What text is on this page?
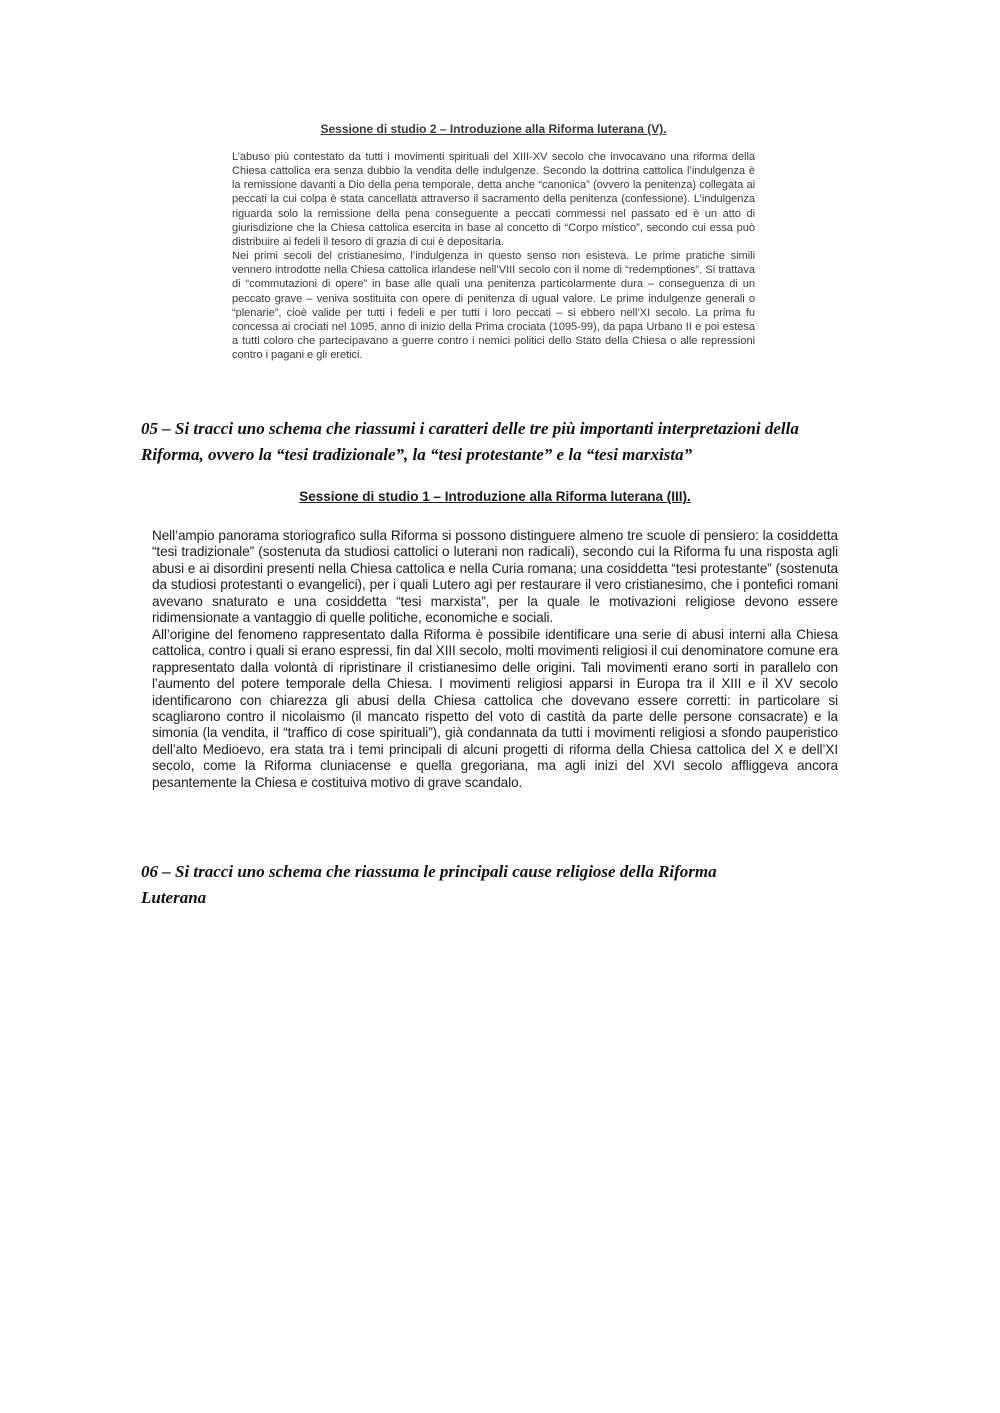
Sessione di studio 2 – Introduzione alla Riforma luterana (V).

L’abuso più contestato da tutti i movimenti spirituali del XIII-XV secolo che invocavano una riforma della Chiesa cattolica era senza dubbio la vendita delle indulgenze. Secondo la dottrina cattolica l’indulgenza è la remissione davanti a Dio della pena temporale, detta anche “canonica” (ovvero la penitenza) collegata ai peccati la cui colpa è stata cancellata attraverso il sacramento della penitenza (confessione). L’indulgenza riguarda solo la remissione della pena conseguente a peccati commessi nel passato ed è un atto di giurisdizione che la Chiesa cattolica esercita in base al concetto di “Corpo mistico”, secondo cui essa può distribuire ai fedeli il tesoro di grazia di cui è depositaria.

Nei primi secoli del cristianesimo, l’indulgenza in questo senso non esisteva. Le prime pratiche simili vennero introdotte nella Chiesa cattolica irlandese nell’VIII secolo con il nome di “redemptiones”. Si trattava di “commutazioni di opere” in base alle quali una penitenza particolarmente dura – conseguenza di un peccato grave – veniva sostituita con opere di penitenza di ugual valore. Le prime indulgenze generali o “plenarie”, cioè valide per tutti i fedeli e per tutti i loro peccati – si ebbero nell’XI secolo. La prima fu concessa ai crociati nel 1095, anno di inizio della Prima crociata (1095-99), da papa Urbano II e poi estesa a tutti coloro che partecipavano a guerre contro i nemici politici dello Stato della Chiesa o alle repressioni contro i pagani e gli eretici.

05 – Si tracci uno schema che riassumi i caratteri delle tre più importanti interpretazioni della Riforma, ovvero la “tesi tradizionale”, la “tesi protestante” e la “tesi marxista”

Sessione di studio 1 – Introduzione alla Riforma luterana (III).

Nell’ampio panorama storiografico sulla Riforma si possono distinguere almeno tre scuole di pensiero: la cosiddetta “tesi tradizionale” (sostenuta da studiosi cattolici o luterani non radicali), secondo cui la Riforma fu una risposta agli abusi e ai disordini presenti nella Chiesa cattolica e nella Curia romana; una cosiddetta “tesi protestante” (sostenuta da studiosi protestanti o evangelici), per i quali Lutero agì per restaurare il vero cristianesimo, che i pontefici romani avevano snaturato e una cosiddetta “tesi marxista”, per la quale le motivazioni religiose devono essere ridimensionate a vantaggio di quelle politiche, economiche e sociali.

All’origine del fenomeno rappresentato dalla Riforma è possibile identificare una serie di abusi interni alla Chiesa cattolica, contro i quali si erano espressi, fin dal XIII secolo, molti movimenti religiosi il cui denominatore comune era rappresentato dalla volontà di ripristinare il cristianesimo delle origini. Tali movimenti erano sorti in parallelo con l’aumento del potere temporale della Chiesa. I movimenti religiosi apparsi in Europa tra il XIII e il XV secolo identificarono con chiarezza gli abusi della Chiesa cattolica che dovevano essere corretti: in particolare si scagliarono contro il nicolaismo (il mancato rispetto del voto di castità da parte delle persone consacrate) e la simonia (la vendita, il “traffico di cose spirituali”), già condannata da tutti i movimenti religiosi a sfondo pauperistico dell’alto Medioevo, era stata tra i temi principali di alcuni progetti di riforma della Chiesa cattolica del X e dell’XI secolo, come la Riforma cluniacense e quella gregoriana, ma agli inizi del XVI secolo affliggeva ancora pesantemente la Chiesa e costituiva motivo di grave scandalo.

06 – Si tracci uno schema che riassuma le principali cause religiose della Riforma Luterana
